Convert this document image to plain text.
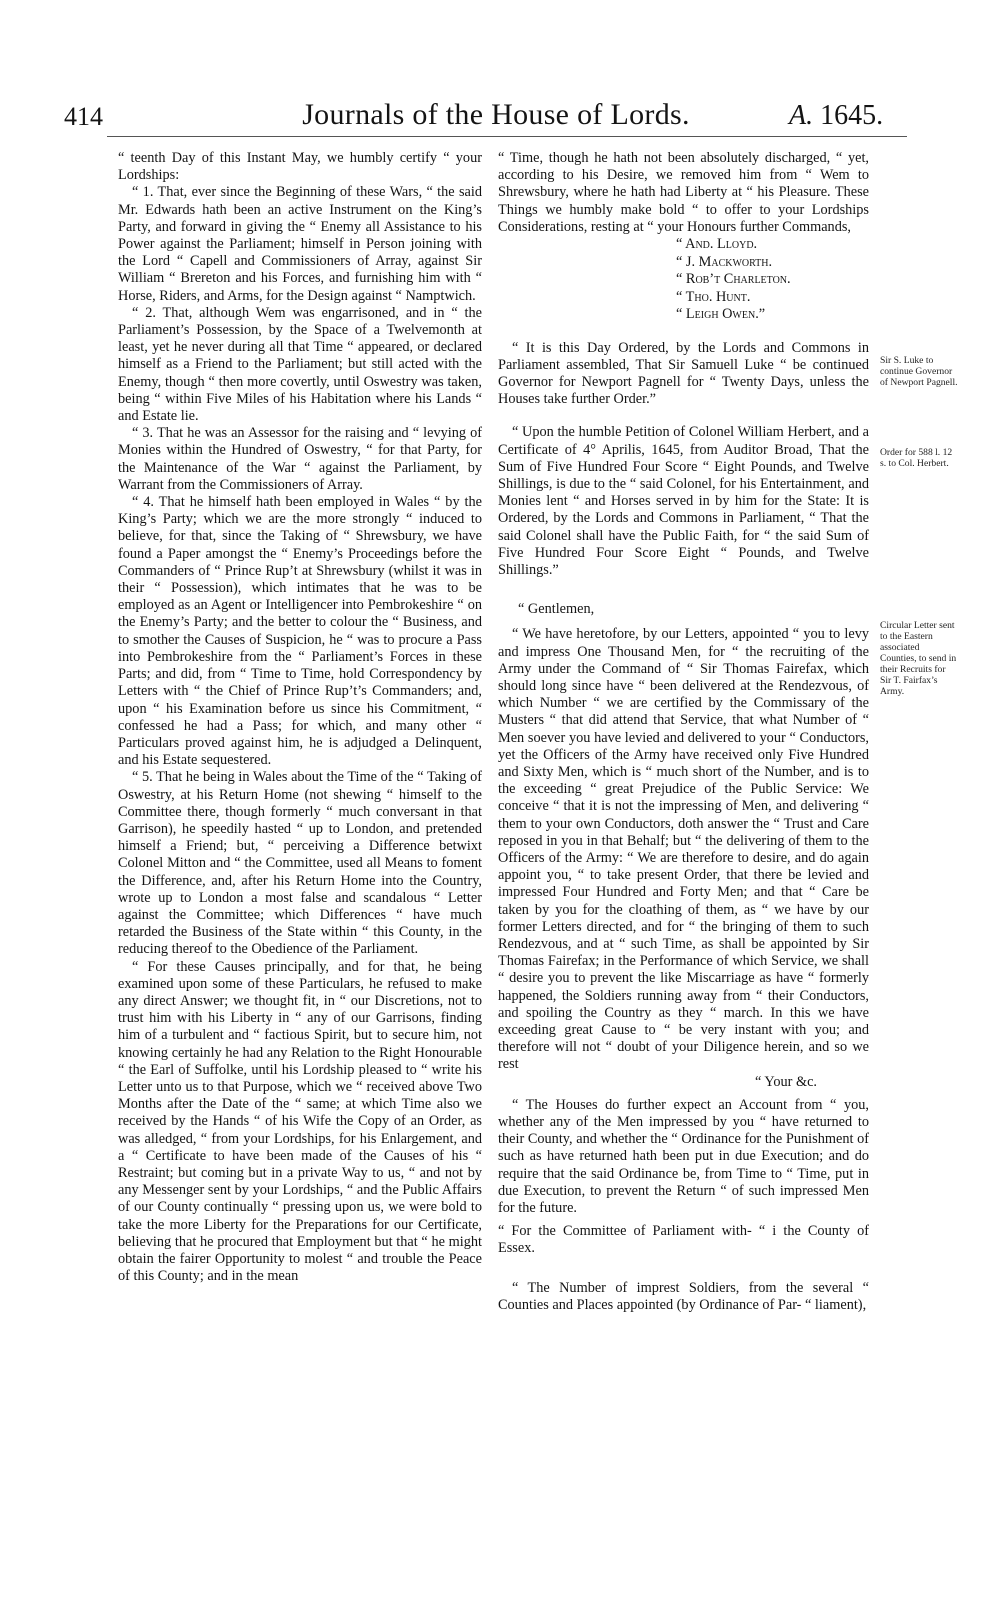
414	Journals of the House of Lords.	A. 1645.

“ teenth Day of this Instant May, we humbly certify “ your Lordships:

“ 1. That, ever since the Beginning of these Wars, “ the said Mr. Edwards hath been an active Instrument on the King’s Party, and forward in giving the “ Enemy all Assistance to his Power against the Parliament; himself in Person joining with the Lord “ Capell and Commissioners of Array, against Sir William “ Brereton and his Forces, and furnishing him with “ Horse, Riders, and Arms, for the Design against “ Namptwich.

“ 2. That, although Wem was engarrisoned, and in “ the Parliament’s Possession, by the Space of a Twelvemonth at least, yet he never during all that Time “ appeared, or declared himself as a Friend to the Parliament; but still acted with the Enemy, though “ then more covertly, until Oswestry was taken, being “ within Five Miles of his Habitation where his Lands “ and Estate lie.

“ 3. That he was an Assessor for the raising and “ levying of Monies within the Hundred of Oswestry, “ for that Party, for the Maintenance of the War “ against the Parliament, by Warrant from the Commissioners of Array.

“ 4. That he himself hath been employed in Wales “ by the King’s Party; which we are the more strongly “ induced to believe, for that, since the Taking of “ Shrewsbury, we have found a Paper amongst the “ Enemy’s Proceedings before the Commanders of “ Prince Rup’t at Shrewsbury (whilst it was in their “ Possession), which intimates that he was to be employed as an Agent or Intelligencer into Pembrokeshire “ on the Enemy’s Party; and the better to colour the “ Business, and to smother the Causes of Suspicion, he “ was to procure a Pass into Pembrokeshire from the “ Parliament’s Forces in these Parts; and did, from “ Time to Time, hold Correspondency by Letters with “ the Chief of Prince Rup’t’s Commanders; and, upon “ his Examination before us since his Commitment, “ confessed he had a Pass; for which, and many other “ Particulars proved against him, he is adjudged a Delinquent, and his Estate sequestered.

“ 5. That he being in Wales about the Time of the “ Taking of Oswestry, at his Return Home (not shewing “ himself to the Committee there, though formerly “ much conversant in that Garrison), he speedily hasted “ up to London, and pretended himself a Friend; but, “ perceiving a Difference betwixt Colonel Mitton and “ the Committee, used all Means to foment the Difference, and, after his Return Home into the Country, wrote up to London a most false and scandalous “ Letter against the Committee; which Differences “ have much retarded the Business of the State within “ this County, in the reducing thereof to the Obedience of the Parliament.

“ For these Causes principally, and for that, he being examined upon some of these Particulars, he refused to make any direct Answer; we thought fit, in “ our Discretions, not to trust him with his Liberty in “ any of our Garrisons, finding him of a turbulent and “ factious Spirit, but to secure him, not knowing certainly he had any Relation to the Right Honourable “ the Earl of Suffolke, until his Lordship pleased to “ write his Letter unto us to that Purpose, which we “ received above Two Months after the Date of the “ same; at which Time also we received by the Hands “ of his Wife the Copy of an Order, as was alledged, “ from your Lordships, for his Enlargement, and a “ Certificate to have been made of the Causes of his “ Restraint; but coming but in a private Way to us, “ and not by any Messenger sent by your Lordships, “ and the Public Affairs of our County continually “ pressing upon us, we were bold to take the more Liberty for the Preparations for our Certificate, believing that he procured that Employment but that “ he might obtain the fairer Opportunity to molest “ and trouble the Peace of this County; and in the mean

“ Time, though he hath not been absolutely discharged, “ yet, according to his Desire, we removed him from “ Wem to Shrewsbury, where he hath had Liberty at “ his Pleasure. These Things we humbly make bold “ to offer to your Lordships Considerations, resting at “ your Honours further Commands,

“ And. Lloyd.
“ J. Mackworth.
“ Rob’t Charleton.
“ Tho. Hunt.
“ Leigh Owen.”

“ It is this Day Ordered, by the Lords and Commons in Parliament assembled, That Sir Samuell Luke “ be continued Governor for Newport Pagnell for “ Twenty Days, unless the Houses take further Order.”

“ Upon the humble Petition of Colonel William Herbert, and a Certificate of 4° Aprilis, 1645, from Auditor Broad, That the Sum of Five Hundred Four Score “ Eight Pounds, and Twelve Shillings, is due to the “ said Colonel, for his Entertainment, and Monies lent “ and Horses served in by him for the State: It is Ordered, by the Lords and Commons in Parliament, “ That the said Colonel shall have the Public Faith, for “ the said Sum of Five Hundred Four Score Eight “ Pounds, and Twelve Shillings.”

“ Gentlemen,

“ We have heretofore, by our Letters, appointed “ you to levy and impress One Thousand Men, for “ the recruiting of the Army under the Command of “ Sir Thomas Fairefax, which should long since have “ been delivered at the Rendezvous, of which Number “ we are certified by the Commissary of the Musters “ that did attend that Service, that what Number of “ Men soever you have levied and delivered to your “ Conductors, yet the Officers of the Army have received only Five Hundred and Sixty Men, which is “ much short of the Number, and is to the exceeding “ great Prejudice of the Public Service: We conceive “ that it is not the impressing of Men, and delivering “ them to your own Conductors, doth answer the “ Trust and Care reposed in you in that Behalf; but “ the delivering of them to the Officers of the Army: “ We are therefore to desire, and do again appoint you, “ to take present Order, that there be levied and impressed Four Hundred and Forty Men; and that “ Care be taken by you for the cloathing of them, as “ we have by our former Letters directed, and for “ the bringing of them to such Rendezvous, and at “ such Time, as shall be appointed by Sir Thomas Fairefax; in the Performance of which Service, we shall “ desire you to prevent the like Miscarriage as have “ formerly happened, the Soldiers running away from “ their Conductors, and spoiling the Country as they “ march. In this we have exceeding great Cause to “ be very instant with you; and therefore will not “ doubt of your Diligence herein, and so we rest

“ Your &c.

“ The Houses do further expect an Account from “ you, whether any of the Men impressed by you “ have returned to their County, and whether the “ Ordinance for the Punishment of such as have returned hath been put in due Execution; and do require that the said Ordinance be, from Time to “ Time, put in due Execution, to prevent the Return “ of such impressed Men for the future.

“ For the Committee of Parliament with- “ i the County of Essex.

“ The Number of imprest Soldiers, from the several “ Counties and Places appointed (by Ordinance of Par- “ liament),

Sir S. Luke to continue Governor of Newport Pagnell.
Order for 588 l. 12 s. to Col. Herbert.
Circular Letter sent to the Eastern associated Counties, to send in their Recruits for Sir T. Fairfax’s Army.
